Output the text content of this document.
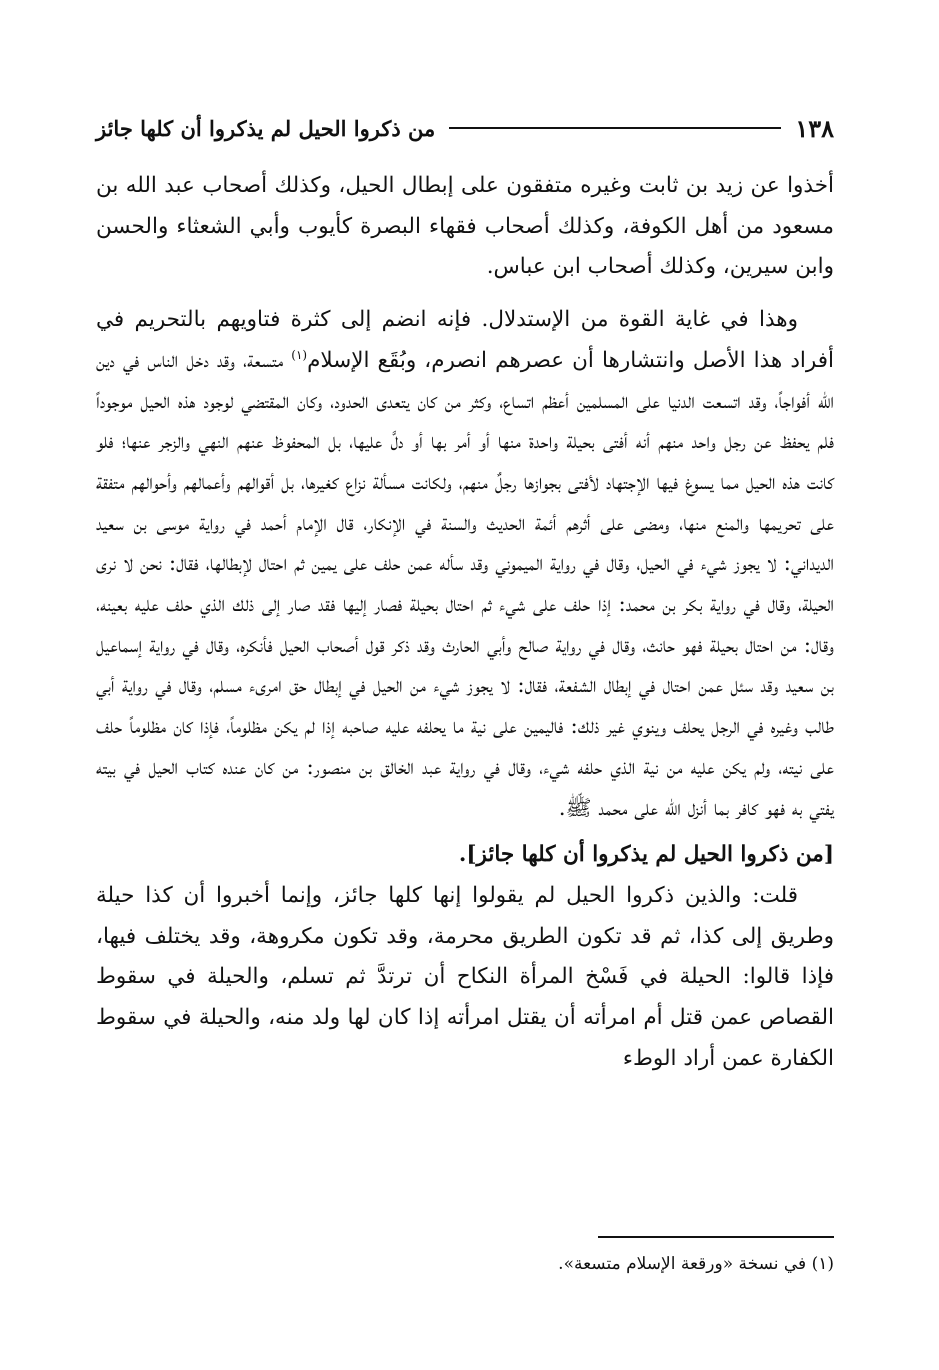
١٣٨
من ذكروا الحيل لم يذكروا أن كلها جائز

أخذوا عن زيد بن ثابت وغيره متفقون على إبطال الحيل، وكذلك أصحاب عبد الله بن مسعود من أهل الكوفة، وكذلك أصحاب فقهاء البصرة كأيوب وأبي الشعثاء والحسن وابن سيرين، وكذلك أصحاب ابن عباس.

وهذا في غاية القوة من الإستدلال. فإنه انضم إلى كثرة فتاويهم بالتحريم في أفراد هذا الأصل وانتشارها أن عصرهم انصرم، وبُقَع الإسلام$^{(١)}$ متسعة، وقد دخل الناس في دين الله أفواجاً، وقد اتسعت الدنيا على المسلمين أعظم اتساع، وكثر من كان يتعدى الحدود، وكان المقتضي لوجود هذه الحيل موجوداً فلم يحفظ عن رجل واحد منهم أنه أفتى بحيلة واحدة منها أو أمر بها أو دلَّ عليها، بل المحفوظ عنهم النهي والزجر عنها؛ فلو كانت هذه الحيل مما يسوغ فيها الإجتهاد لأفتى بجوازها رجلٌ منهم، ولكانت مسألة نزاع كغيرها، بل أقوالهم وأعمالهم وأحوالهم متفقة على تحريمها والمنع منها، ومضى على أثرهم أئمة الحديث والسنة في الإنكار، قال الإمام أحمد في رواية موسى بن سعيد الديداني: لا يجوز شيء في الحيل، وقال في رواية الميموني وقد سأله عمن حلف على يمين ثم احتال لإبطالها، فقال: نحن لا نرى الحيلة، وقال في رواية بكر بن محمد: إذا حلف على شيء ثم احتال بحيلة فصار إليها فقد صار إلى ذلك الذي حلف عليه بعينه، وقال: من احتال بحيلة فهو حانث، وقال في رواية صالح وأبي الحارث وقد ذكر قول أصحاب الحيل فأنكره، وقال في رواية إسماعيل بن سعيد وقد سئل عمن احتال في إبطال الشفعة، فقال: لا يجوز شيء من الحيل في إبطال حق امرىء مسلم، وقال في رواية أبي طالب وغيره في الرجل يحلف وينوي غير ذلك: فاليمين على نية ما يحلفه عليه صاحبه إذا لم يكن مظلوماً، فإذا كان مظلوماً حلف على نيته، ولم يكن عليه من نية الذي حلفه شيء، وقال في رواية عبد الخالق بن منصور: من كان عنده كتاب الحيل في بيته يفتي به فهو كافر بما أنزل الله على محمد ﷺ.

[من ذكروا الحيل لم يذكروا أن كلها جائز].

قلت: والذين ذكروا الحيل لم يقولوا إنها كلها جائز، وإنما أخبروا أن كذا حيلة وطريق إلى كذا، ثم قد تكون الطريق محرمة، وقد تكون مكروهة، وقد يختلف فيها، فإذا قالوا: الحيلة في فَسْخ المرأة النكاح أن ترتدَّ ثم تسلم، والحيلة في سقوط القصاص عمن قتل أم امرأته أن يقتل امرأته إذا كان لها ولد منه، والحيلة في سقوط الكفارة عمن أراد الوطء

(١) في نسخة «ورقعة الإسلام متسعة».
